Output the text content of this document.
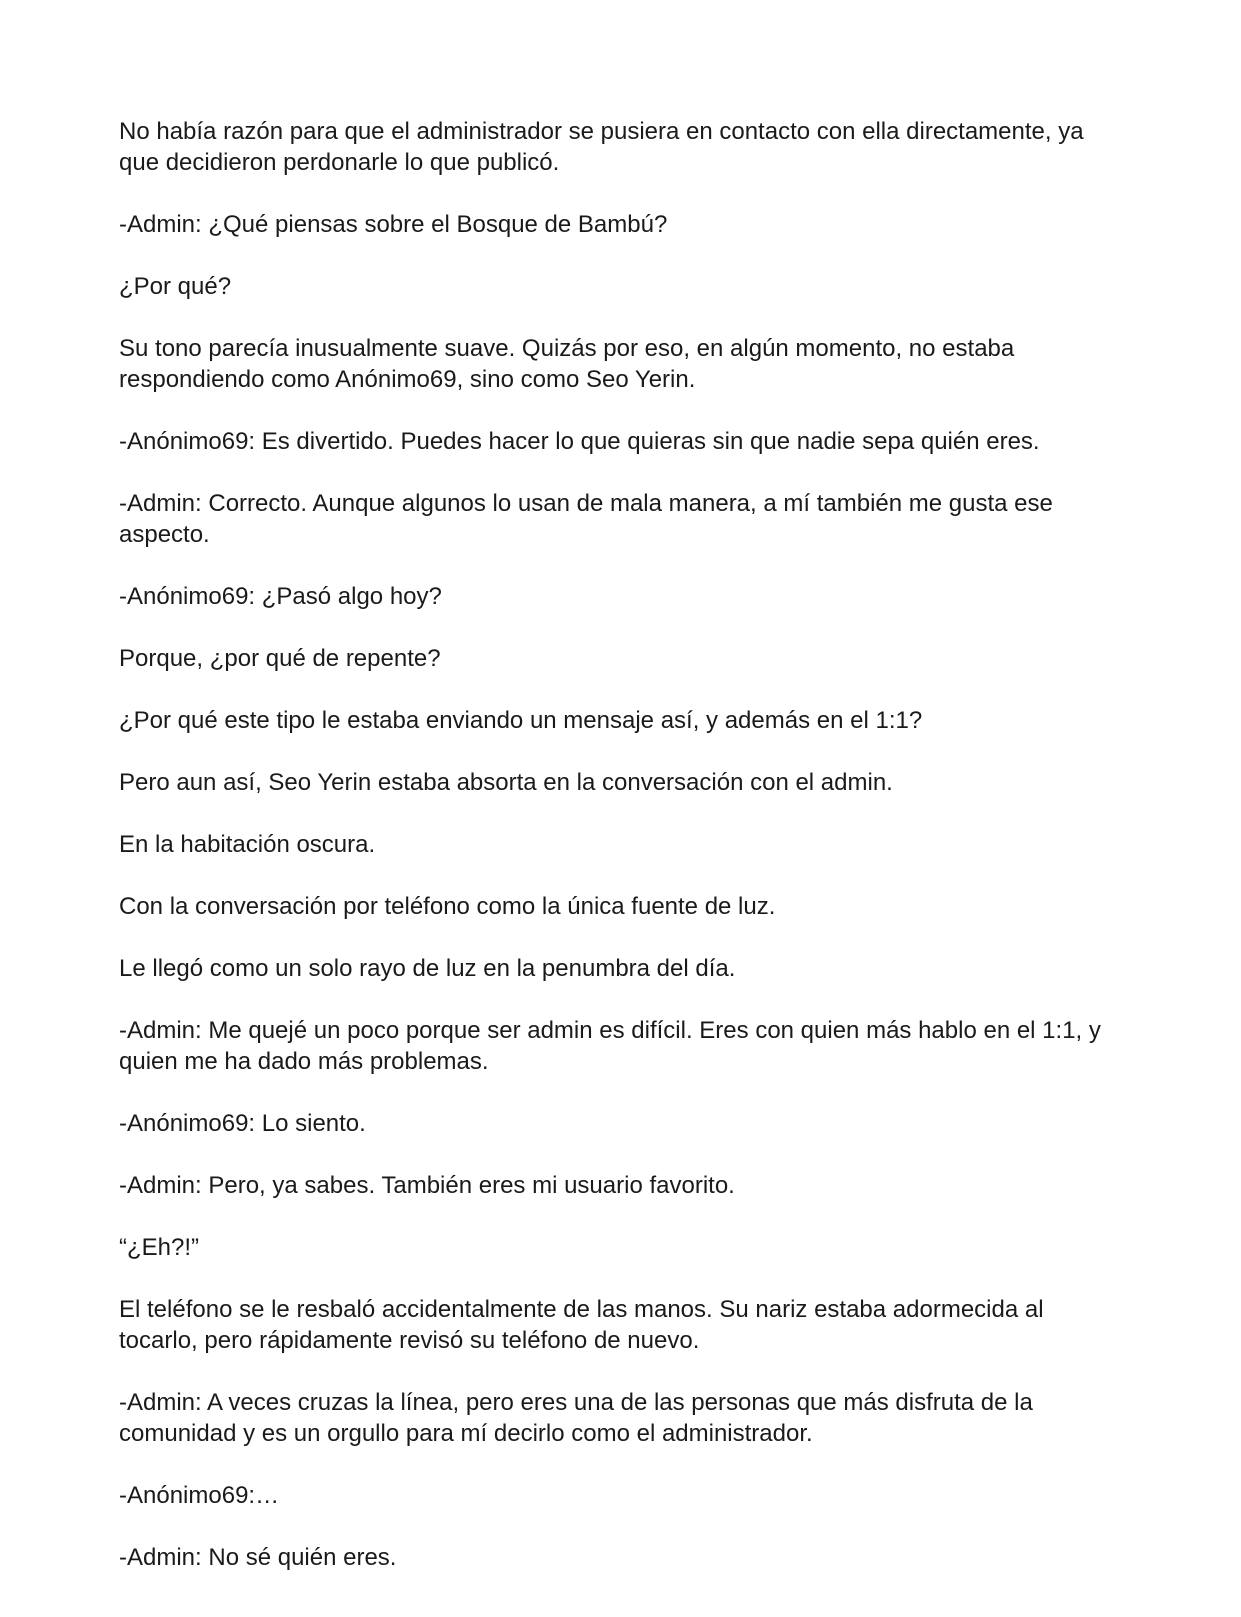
No había razón para que el administrador se pusiera en contacto con ella directamente, ya que decidieron perdonarle lo que publicó.

-Admin: ¿Qué piensas sobre el Bosque de Bambú?

¿Por qué?

Su tono parecía inusualmente suave. Quizás por eso, en algún momento, no estaba respondiendo como Anónimo69, sino como Seo Yerin.

-Anónimo69: Es divertido. Puedes hacer lo que quieras sin que nadie sepa quién eres.

-Admin: Correcto. Aunque algunos lo usan de mala manera, a mí también me gusta ese aspecto.

-Anónimo69: ¿Pasó algo hoy?

Porque, ¿por qué de repente?

¿Por qué este tipo le estaba enviando un mensaje así, y además en el 1:1?

Pero aun así, Seo Yerin estaba absorta en la conversación con el admin.

En la habitación oscura.

Con la conversación por teléfono como la única fuente de luz.

Le llegó como un solo rayo de luz en la penumbra del día.

-Admin: Me quejé un poco porque ser admin es difícil. Eres con quien más hablo en el 1:1, y quien me ha dado más problemas.

-Anónimo69: Lo siento.

-Admin: Pero, ya sabes. También eres mi usuario favorito.

“¿Eh?!”

El teléfono se le resbaló accidentalmente de las manos. Su nariz estaba adormecida al tocarlo, pero rápidamente revisó su teléfono de nuevo.

-Admin: A veces cruzas la línea, pero eres una de las personas que más disfruta de la comunidad y es un orgullo para mí decirlo como el administrador.

-Anónimo69:…

-Admin: No sé quién eres.
